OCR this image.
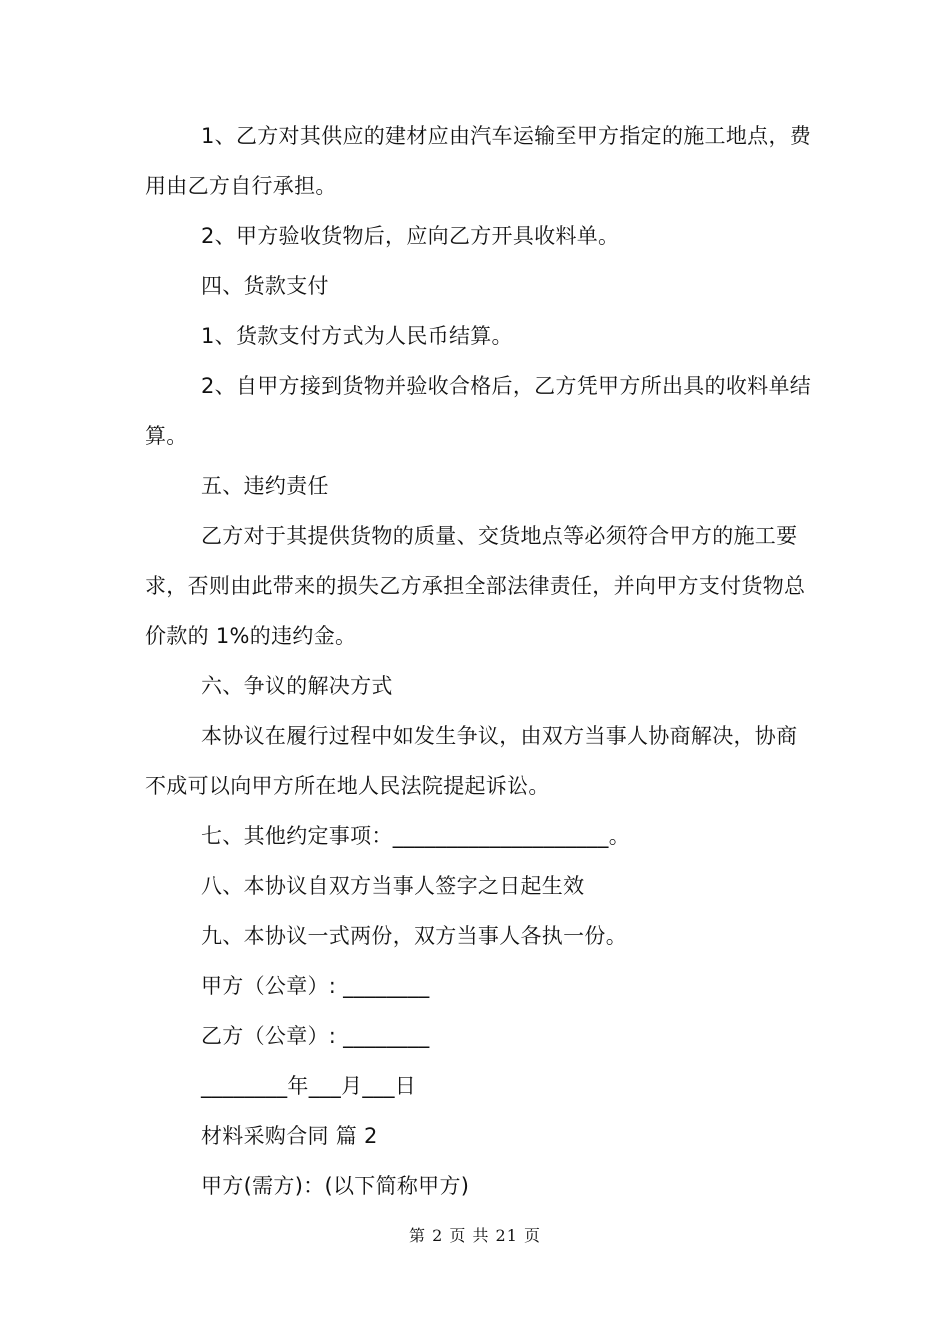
1、乙方对其供应的建材应由汽车运输至甲方指定的施工地点，费用由乙方自行承担。

2、甲方验收货物后，应向乙方开具收料单。

四、货款支付

1、货款支付方式为人民币结算。

2、自甲方接到货物并验收合格后，乙方凭甲方所出具的收料单结算。

五、违约责任

乙方对于其提供货物的质量、交货地点等必须符合甲方的施工要求，否则由此带来的损失乙方承担全部法律责任，并向甲方支付货物总价款的 1%的违约金。

六、争议的解决方式

本协议在履行过程中如发生争议，由双方当事人协商解决，协商不成可以向甲方所在地人民法院提起诉讼。

七、其他约定事项：____________________。

八、本协议自双方当事人签字之日起生效

九、本协议一式两份，双方当事人各执一份。

甲方（公章）: ________

乙方（公章）: ________

________年___月___日

材料采购合同 篇 2

甲方(需方)：(以下简称甲方)

第 2 页 共 21 页
